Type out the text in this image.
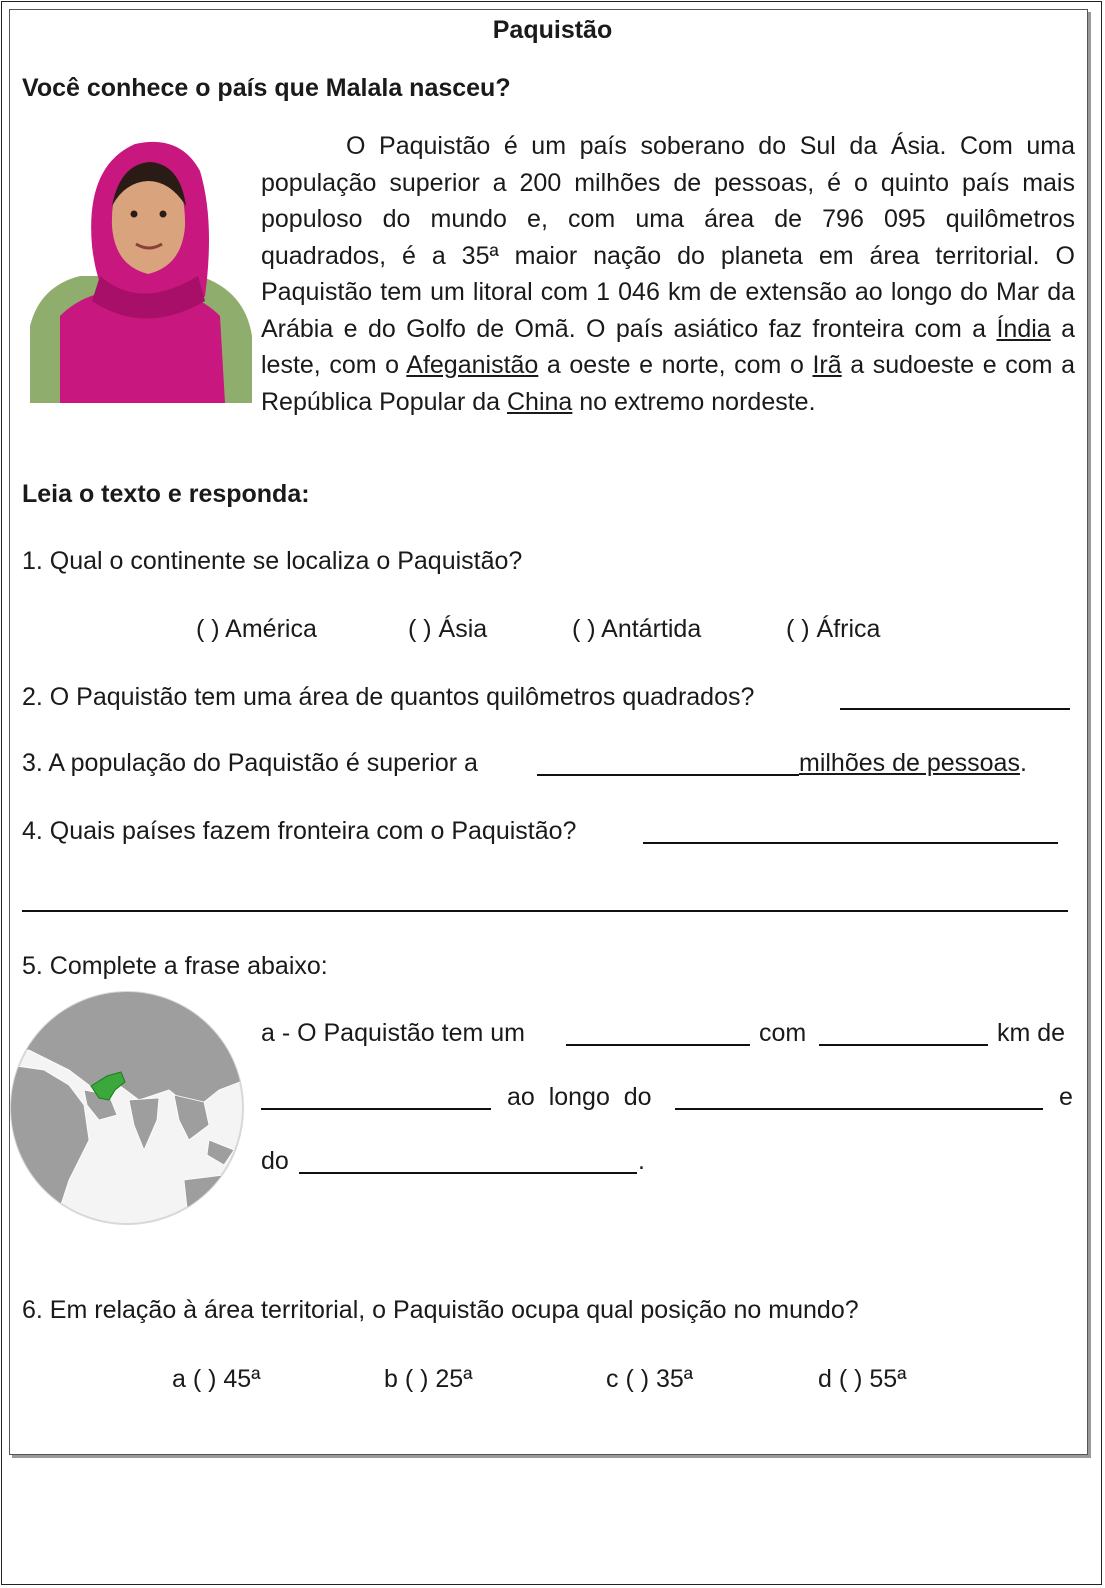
Paquistão
Você conhece o país que Malala nasceu?
O Paquistão é um país soberano do Sul da Ásia. Com uma população superior a 200 milhões de pessoas, é o quinto país mais populoso do mundo e, com uma área de 796 095 quilômetros quadrados, é a 35ª maior nação do planeta em área territorial. O Paquistão tem um litoral com 1 046 km de extensão ao longo do Mar da Arábia e do Golfo de Omã. O país asiático faz fronteira com a Índia a leste, com o Afeganistão a oeste e norte, com o Irã a sudoeste e com a República Popular da China no extremo nordeste.
Leia o texto e responda:
1. Qual o continente se localiza o Paquistão?
( ) América	( ) Ásia	( ) Antártida	( ) África
2. O Paquistão tem uma área de quantos quilômetros quadrados?
3. A população do Paquistão é superior a	milhões de pessoas.
4. Quais países fazem fronteira com o Paquistão?
5. Complete a frase abaixo:
a - O Paquistão tem um	com	km de
ao  longo  do	e
do	.
6. Em relação à área territorial, o Paquistão ocupa qual posição no mundo?
a ( ) 45ª	b ( ) 25ª	c ( ) 35ª	d ( ) 55ª
